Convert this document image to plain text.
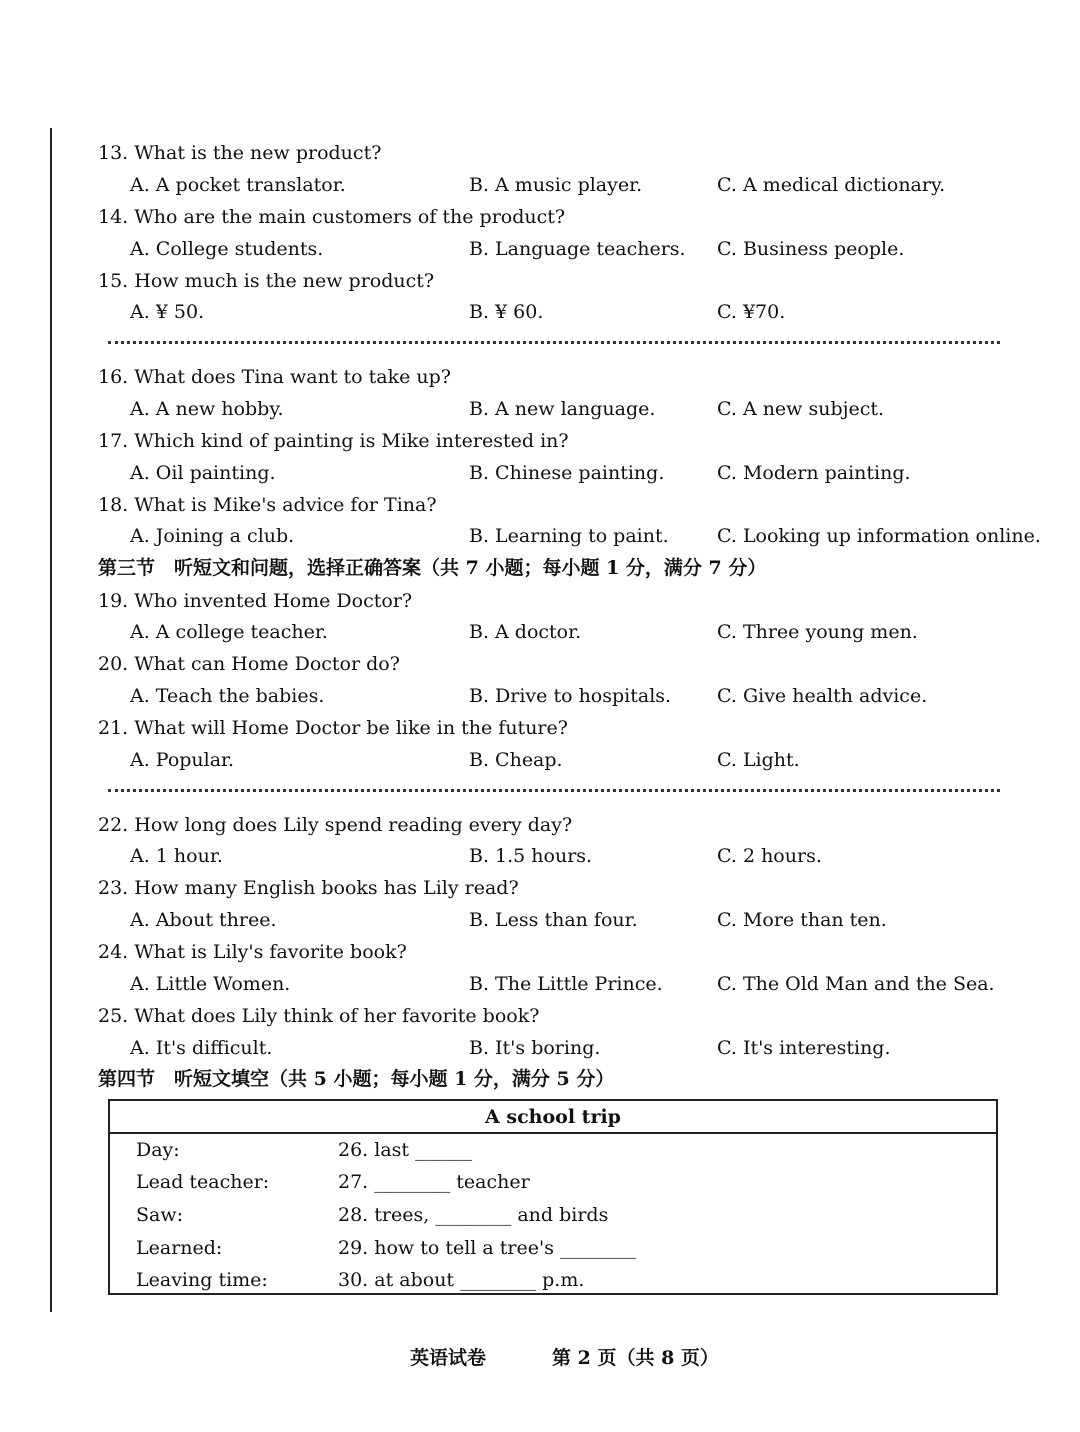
13. What is the new product?
A. A pocket translator.	B. A music player.	C. A medical dictionary.
14. Who are the main customers of the product?
A. College students.	B. Language teachers. C. Business people.
15. How much is the new product?
A. ¥ 50.	B. ¥ 60.	C. ¥70.
16. What does Tina want to take up?
A. A new hobby.	B. A new language.	C. A new subject.
17. Which kind of painting is Mike interested in?
A. Oil painting.	B. Chinese painting.	C. Modern painting.
18. What is Mike's advice for Tina?
A. Joining a club.	B. Learning to paint.	C. Looking up information online.
第三节　听短文和问题，选择正确答案（共 7 小题；每小题 1 分，满分 7 分）
19. Who invented Home Doctor?
A. A college teacher.	B. A doctor.	C. Three young men.
20. What can Home Doctor do?
A. Teach the babies.	B. Drive to hospitals. C. Give health advice.
21. What will Home Doctor be like in the future?
A. Popular.	B. Cheap.	C. Light.
22. How long does Lily spend reading every day?
A. 1 hour.	B. 1.5 hours.	C. 2 hours.
23. How many English books has Lily read?
A. About three.	B. Less than four.	C. More than ten.
24. What is Lily's favorite book?
A. Little Women.	B. The Little Prince.	C. The Old Man and the Sea.
25. What does Lily think of her favorite book?
A. It's difficult.	B. It's boring.	C. It's interesting.
第四节　听短文填空（共 5 小题；每小题 1 分，满分 5 分）
A school trip
Day:	26. last ______
Lead teacher:	27. ________ teacher
Saw:	28. trees, ________ and birds
Learned:	29. how to tell a tree's ________
Leaving time:	30. at about ________ p.m.
英语试卷	第 2 页（共 8 页）
